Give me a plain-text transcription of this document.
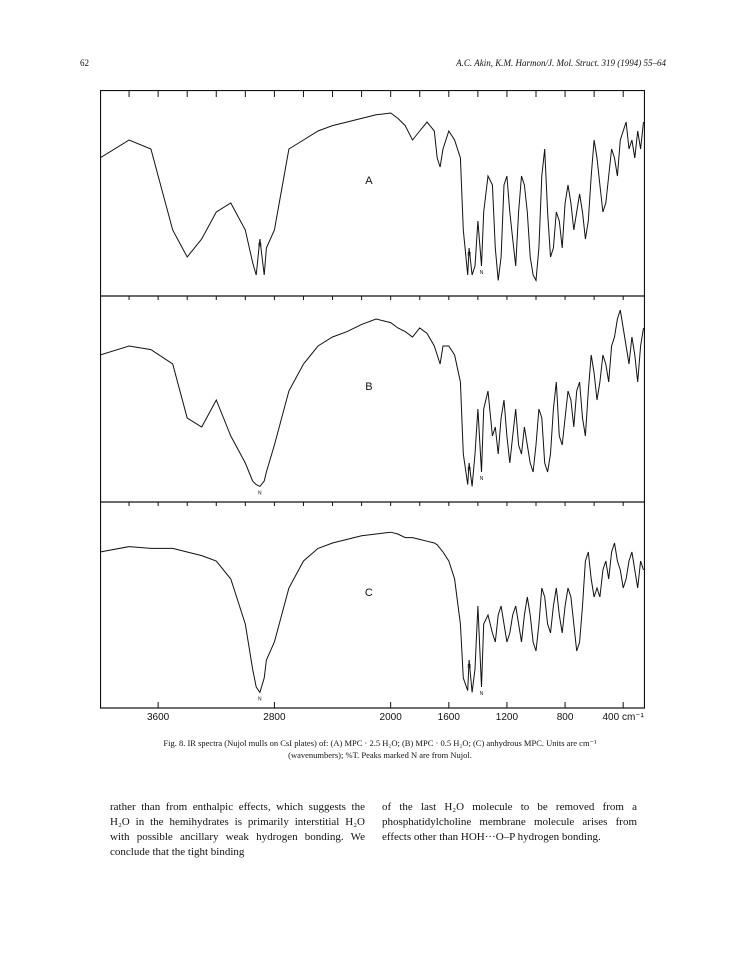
62	A.C. Akin, K.M. Harmon/J. Mol. Struct. 319 (1994) 55–64
3600	2800	2000	1600	1200	800	400 cm⁻¹
A
N
N
N
B
N
N
N
C
N
N
N
Fig. 8. IR spectra (Nujol mulls on CsI plates) of: (A) MPC · 2.5 H₂O; (B) MPC · 0.5 H₂O; (C) anhydrous MPC. Units are cm⁻¹
(wavenumbers); %T. Peaks marked N are from Nujol.
rather than from enthalpic effects, which suggests the H₂O in the hemihydrates is primarily interstitial H₂O with possible ancillary weak hydrogen bonding. We conclude that the tight binding
of the last H₂O molecule to be removed from a phosphatidylcholine membrane molecule arises from effects other than HOH···O–P hydrogen bonding.
